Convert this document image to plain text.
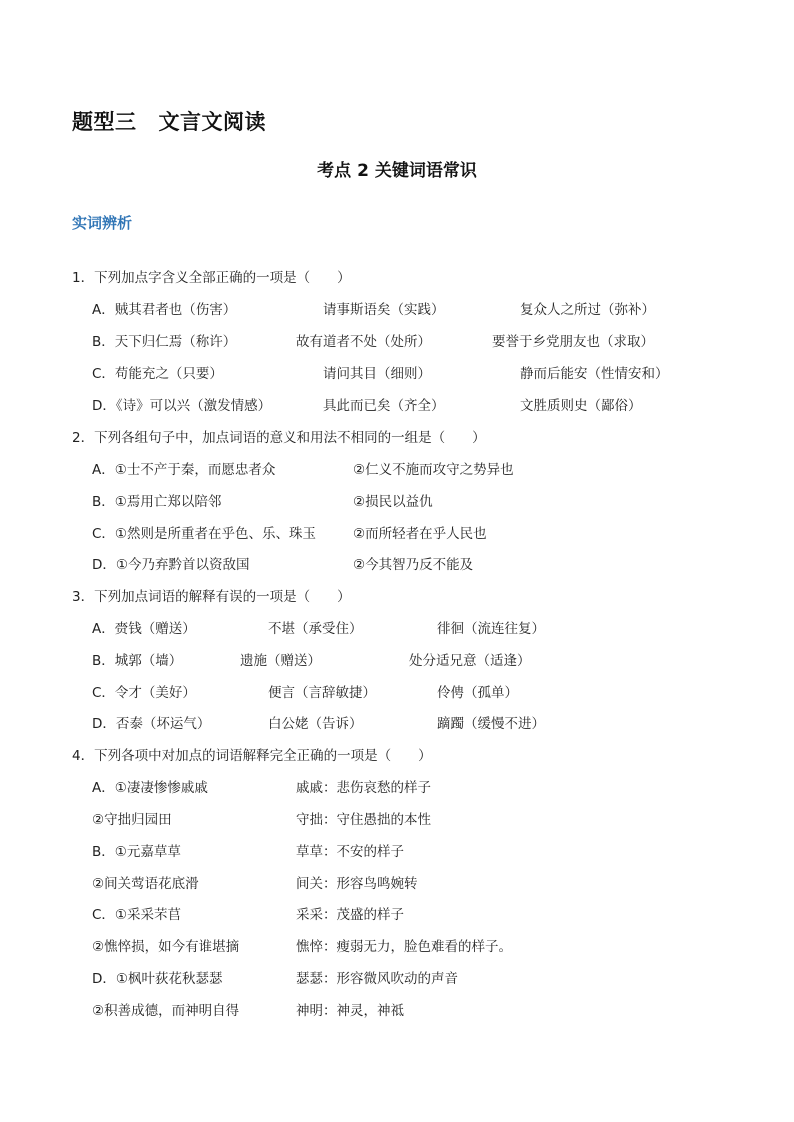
题型三 文言文阅读
考点 2 关键词语常识
实词辨析
1．下列加点字含义全部正确的一项是（　　）
A．贼其君者也（伤害）	请事斯语矣（实践）	复众人之所过（弥补）
B．天下归仁焉（称许）	故有道者不处（处所）	要誉于乡党朋友也（求取）
C．苟能充之（只要）	请问其目（细则）	静而后能安（性情安和）
D．《诗》可以兴（激发情感）	具此而已矣（齐全）	文胜质则史（鄙俗）
2．下列各组句子中，加点词语的意义和用法不相同的一组是（　　）
A．①士不产于秦，而愿忠者众	②仁义不施而攻守之势异也
B．①焉用亡郑以陪邻	②损民以益仇
C．①然则是所重者在乎色、乐、珠玉	②而所轻者在乎人民也
D．①今乃弃黔首以资敌国	②今其智乃反不能及
3．下列加点词语的解释有误的一项是（　　）
A．赍钱（赠送）	不堪（承受住）	徘徊（流连往复）
B．城郭（墙）	遗施（赠送）	处分适兄意（适逢）
C．令才（美好）	便言（言辞敏捷）	伶俜（孤单）
D．否泰（坏运气）	白公姥（告诉）	蹢躅（缓慢不进）
4．下列各项中对加点的词语解释完全正确的一项是（　　）
A．①凄凄惨惨戚戚	戚戚：悲伤哀愁的样子
②守拙归园田	守拙：守住愚拙的本性
B．①元嘉草草	草草：不安的样子
②间关莺语花底滑	间关：形容鸟鸣婉转
C．①采采芣苢	采采：茂盛的样子
②憔悴损，如今有谁堪摘	憔悴：瘦弱无力，脸色难看的样子。
D．①枫叶荻花秋瑟瑟	瑟瑟：形容微风吹动的声音
②积善成德，而神明自得	神明：神灵，神祗
